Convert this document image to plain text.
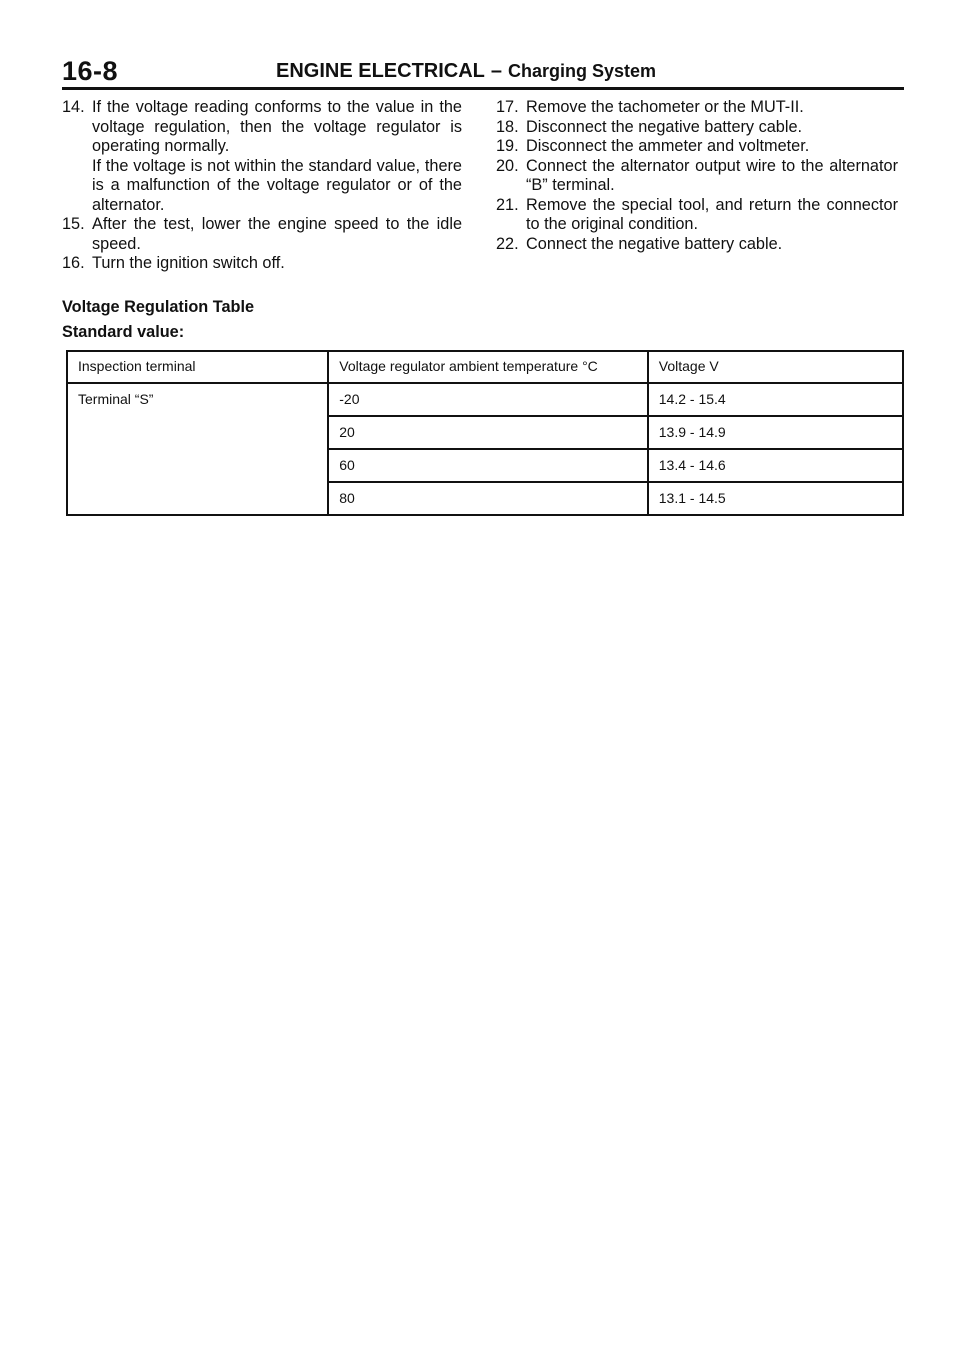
16-8	ENGINE ELECTRICAL – Charging System
14. If the voltage reading conforms to the value in the voltage regulation, then the voltage regulator is operating normally.

If the voltage is not within the standard value, there is a malfunction of the voltage regulator or of the alternator.

15. After the test, lower the engine speed to the idle speed.

16. Turn the ignition switch off.

17. Remove the tachometer or the MUT-II.

18. Disconnect the negative battery cable.

19. Disconnect the ammeter and voltmeter.

20. Connect the alternator output wire to the alternator “B” terminal.

21. Remove the special tool, and return the connector to the original condition.

22. Connect the negative battery cable.

Voltage Regulation Table
Standard value:
Inspection terminal	Voltage regulator ambient temperature °C	Voltage V
Terminal “S”	-20	14.2 - 15.4
	20	13.9 - 14.9
	60	13.4 - 14.6
	80	13.1 - 14.5
